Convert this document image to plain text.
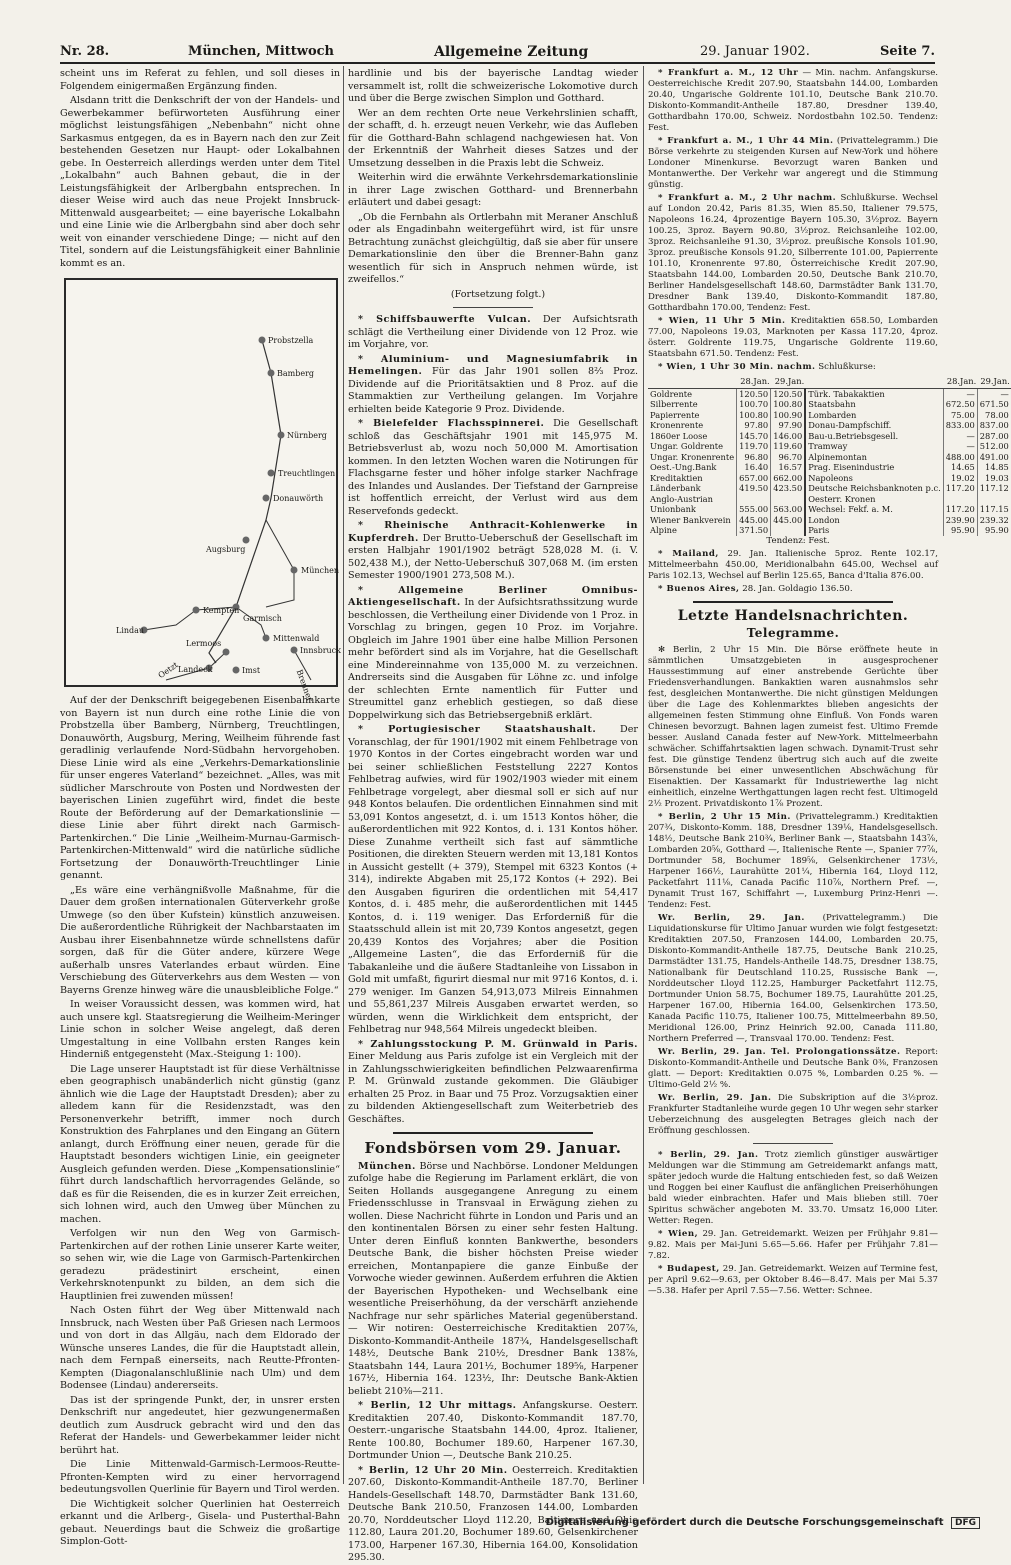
Nr. 28.	München, Mittwoch	Allgemeine Zeitung	29. Januar 1902.	Seite 7.

scheint uns im Referat zu fehlen, und soll dieses in Folgendem einigermaßen Ergänzung finden.

Alsdann tritt die Denkschrift der von der Handels- und Gewerbekammer befürworteten Ausführung einer möglichst leistungsfähigen „Nebenbahn“ nicht ohne Sarkasmus entgegen, da es in Bayern nach den zur Zeit bestehenden Gesetzen nur Haupt- oder Lokalbahnen gebe. In Oesterreich allerdings werden unter dem Titel „Lokalbahn“ auch Bahnen gebaut, die in der Leistungsfähigkeit der Arlbergbahn entsprechen. In dieser Weise wird auch das neue Projekt Innsbruck-Mittenwald ausgearbeitet; — eine bayerische Lokalbahn und eine Linie wie die Arlbergbahn sind aber doch sehr weit von einander verschiedene Dinge; — nicht auf den Titel, sondern auf die Leistungsfähigkeit einer Bahnlinie kommt es an.

Probstzella
Bamberg
Nürnberg
Treuchtlingen
Donauwörth
Augsburg
München
Kempten
Lindau
Garmisch
Mittenwald
Lermoos
Innsbruck
Landeck	Imst	Brenner
Oetzt

Auf der der Denkschrift beigegebenen Eisenbahnkarte von Bayern ist nun durch eine rothe Linie die von Probstzella über Bamberg, Nürnberg, Treuchtlingen, Donauwörth, Augsburg, Mering, Weilheim führende fast geradlinig verlaufende Nord-Südbahn hervorgehoben. Diese Linie wird als eine „Verkehrs-Demarkationslinie für unser engeres Vaterland“ bezeichnet. „Alles, was mit südlicher Marschroute von Posten und Nordwesten der bayerischen Linien zugeführt wird, findet die beste Route der Beförderung auf der Demarkationslinie — diese Linie aber führt direkt nach Garmisch-Partenkirchen.“ Die Linie „Weilheim-Murnau-Garmisch-Partenkirchen-Mittenwald“ wird die natürliche südliche Fortsetzung der Donauwörth-Treuchtlinger Linie genannt.

„Es wäre eine verhängnißvolle Maßnahme, für die Dauer dem großen internationalen Güterverkehr große Umwege (so den über Kufstein) künstlich anzuweisen. Die außerordentliche Rührigkeit der Nachbarstaaten im Ausbau ihrer Eisenbahnnetze würde schnellstens dafür sorgen, daß für die Güter andere, kürzere Wege außerhalb unsres Vaterlandes erbaut würden. Eine Verschiebung des Güterverkehrs aus dem Westen — von Bayerns Grenze hinweg wäre die unausbleibliche Folge.“

In weiser Voraussicht dessen, was kommen wird, hat auch unsere kgl. Staatsregierung die Weilheim-Meringer Linie schon in solcher Weise angelegt, daß deren Umgestaltung in eine Vollbahn ersten Ranges kein Hinderniß entgegensteht (Max.-Steigung 1: 100).

Die Lage unserer Hauptstadt ist für diese Verhältnisse eben geographisch unabänderlich nicht günstig (ganz ähnlich wie die Lage der Hauptstadt Dresden); aber zu alledem kann für die Residenzstadt, was den Personenverkehr betrifft, immer noch durch Konstruktion des Fahrplanes und den Eingang an Gütern anlangt, durch Eröffnung einer neuen, gerade für die Hauptstadt besonders wichtigen Linie, ein geeigneter Ausgleich gefunden werden. Diese „Kompensationslinie“ führt durch landschaftlich hervorragendes Gelände, so daß es für die Reisenden, die es in kurzer Zeit erreichen, sich lohnen wird, auch den Umweg über München zu machen.

Verfolgen wir nun den Weg von Garmisch-Partenkirchen auf der rothen Linie unserer Karte weiter, so sehen wir, wie die Lage von Garmisch-Partenkirchen geradezu prädestinirt erscheint, einen Verkehrsknotenpunkt zu bilden, an dem sich die Hauptlinien frei zuwenden müssen!

Nach Osten führt der Weg über Mittenwald nach Innsbruck, nach Westen über Paß Griesen nach Lermoos und von dort in das Allgäu, nach dem Eldorado der Wünsche unseres Landes, die für die Hauptstadt allein, nach dem Fernpaß einerseits, nach Reutte-Pfronten-Kempten (Diagonalanschlußlinie nach Ulm) und dem Bodensee (Lindau) andererseits.

Das ist der springende Punkt, der, in unsrer ersten Denkschrift nur angedeutet, hier gezwungenermaßen deutlich zum Ausdruck gebracht wird und den das Referat der Handels- und Gewerbekammer leider nicht berührt hat.

Die Linie Mittenwald-Garmisch-Lermoos-Reutte-Pfronten-Kempten wird zu einer hervorragend bedeutungsvollen Querlinie für Bayern und Tirol werden.

Die Wichtigkeit solcher Querlinien hat Oesterreich erkannt und die Arlberg-, Gisela- und Pusterthal-Bahn gebaut. Neuerdings baut die Schweiz die großartige Simplon-Gott-

hardlinie und bis der bayerische Landtag wieder versammelt ist, rollt die schweizerische Lokomotive durch und über die Berge zwischen Simplon und Gotthard.

Wer an dem rechten Orte neue Verkehrslinien schafft, der schafft, d. h. erzeugt neuen Verkehr, wie das Aufleben für die Gotthard-Bahn schlagend nachgewiesen hat. Von der Erkenntniß der Wahrheit dieses Satzes und der Umsetzung desselben in die Praxis lebt die Schweiz.

Weiterhin wird die erwähnte Verkehrsdemarkationslinie in ihrer Lage zwischen Gotthard- und Brennerbahn erläutert und dabei gesagt:

„Ob die Fernbahn als Ortlerbahn mit Meraner Anschluß oder als Engadinbahn weitergeführt wird, ist für unsre Betrachtung zunächst gleichgültig, daß sie aber für unsere Demarkationslinie den über die Brenner-Bahn ganz wesentlich für sich in Anspruch nehmen würde, ist zweifellos.“

(Fortsetzung folgt.)

* Schiffsbauwerfte Vulcan. Der Aufsichtsrath schlägt die Vertheilung einer Dividende von 12 Proz. wie im Vorjahre, vor.

* Aluminium- und Magnesiumfabrik in Hemelingen. Für das Jahr 1901 sollen 8⅔ Proz. Dividende auf die Prioritätsaktien und 8 Proz. auf die Stammaktien zur Vertheilung gelangen. Im Vorjahre erhielten beide Kategorie 9 Proz. Dividende.

* Bielefelder Flachsspinnerei. Die Gesellschaft schloß das Geschäftsjahr 1901 mit 145,975 M. Betriebsverlust ab, wozu noch 50,000 M. Amortisation kommen. In den letzten Wochen waren die Notirungen für Flachsgarne fester und höher infolge starker Nachfrage des Inlandes und Auslandes. Der Tiefstand der Garnpreise ist hoffentlich erreicht, der Verlust wird aus dem Reservefonds gedeckt.

* Rheinische Anthracit-Kohlenwerke in Kupferdreh. Der Brutto-Ueberschuß der Gesellschaft im ersten Halbjahr 1901/1902 beträgt 528,028 M. (i. V. 502,438 M.), der Netto-Ueberschuß 307,068 M. (im ersten Semester 1900/1901 273,508 M.).

* Allgemeine Berliner Omnibus-Aktiengesellschaft. In der Aufsichtsrathssitzung wurde beschlossen, die Vertheilung einer Dividende von 1 Proz. in Vorschlag zu bringen, gegen 10 Proz. im Vorjahre. Obgleich im Jahre 1901 über eine halbe Million Personen mehr befördert sind als im Vorjahre, hat die Gesellschaft eine Mindereinnahme von 135,000 M. zu verzeichnen. Andrerseits sind die Ausgaben für Löhne zc. und infolge der schlechten Ernte namentlich für Futter und Streumittel ganz erheblich gestiegen, so daß diese Doppelwirkung sich das Betriebsergebniß erklärt.

* Portugiesischer Staatshaushalt. Der Voranschlag, der für 1901/1902 mit einem Fehlbetrage von 1970 Kontos in der Cortes eingebracht worden war und bei seiner schließlichen Feststellung 2227 Kontos Fehlbetrag aufwies, wird für 1902/1903 wieder mit einem Fehlbetrage vorgelegt, aber diesmal soll er sich auf nur 948 Kontos belaufen. Die ordentlichen Einnahmen sind mit 53,091 Kontos angesetzt, d. i. um 1513 Kontos höher, die außerordentlichen mit 922 Kontos, d. i. 131 Kontos höher. Diese Zunahme vertheilt sich fast auf sämmtliche Positionen, die direkten Steuern werden mit 13,181 Kontos in Aussicht gestellt (+ 379), Stempel mit 6323 Kontos (+ 314), indirekte Abgaben mit 25,172 Kontos (+ 292). Bei den Ausgaben figuriren die ordentlichen mit 54,417 Kontos, d. i. 485 mehr, die außerordentlichen mit 1445 Kontos, d. i. 119 weniger. Das Erforderniß für die Staatsschuld allein ist mit 20,739 Kontos angesetzt, gegen 20,439 Kontos des Vorjahres; aber die Position „Allgemeine Lasten“, die das Erforderniß für die Tabakanleihe und die äußere Stadtanleihe von Lissabon in Gold mit umfaßt, figurirt diesmal nur mit 9716 Kontos, d. i. 279 weniger. Im Ganzen 54,913,073 Milreis Einnahmen und 55,861,237 Milreis Ausgaben erwartet werden, so würden, wenn die Wirklichkeit dem entspricht, der Fehlbetrag nur 948,564 Milreis ungedeckt bleiben.

* Zahlungsstockung P. M. Grünwald in Paris. Einer Meldung aus Paris zufolge ist ein Vergleich mit der in Zahlungsschwierigkeiten befindlichen Pelzwaarenfirma P. M. Grünwald zustande gekommen. Die Gläubiger erhalten 25 Proz. in Baar und 75 Proz. Vorzugsaktien einer zu bildenden Aktiengesellschaft zum Weiterbetrieb des Geschäftes.

Fondsbörsen vom 29. Januar.

München. Börse und Nachbörse. Londoner Meldungen zufolge habe die Regierung im Parlament erklärt, die von Seiten Hollands ausgegangene Anregung zu einem Friedensschlusse in Transvaal in Erwägung ziehen zu wollen. Diese Nachricht führte in London und Paris und an den kontinentalen Börsen zu einer sehr festen Haltung. Unter deren Einfluß konnten Bankwerthe, besonders Deutsche Bank, die bisher höchsten Preise wieder erreichen, Montanpapiere die ganze Einbuße der Vorwoche wieder gewinnen. Außerdem erfuhren die Aktien der Bayerischen Hypotheken- und Wechselbank eine wesentliche Preiserhöhung, da der verschärft anziehende Nachfrage nur sehr spärliches Material gegenüberstand. — Wir notiren: Oesterreichische Kreditaktien 207⅞, Diskonto-Kommandit-Antheile 187¾, Handelsgesellschaft 148½, Deutsche Bank 210½, Dresdner Bank 138⅞, Staatsbahn 144, Laura 201½, Bochumer 189⅝, Harpener 167½, Hibernia 164. 123½, Ihr: Deutsche Bank-Aktien beliebt 210⅜—211.

* Berlin, 12 Uhr mittags. Anfangskurse. Oesterr. Kreditaktien 207.40, Diskonto-Kommandit 187.70, Oesterr.-ungarische Staatsbahn 144.00, 4proz. Italiener, Rente 100.80, Bochumer 189.60, Harpener 167.30, Dortmunder Union —, Deutsche Bank 210.25.

* Berlin, 12 Uhr 20 Min. Oesterreich. Kreditaktien 207.60, Diskonto-Kommandit-Antheile 187.70, Berliner Handels-Gesellschaft 148.70, Darmstädter Bank 131.60, Deutsche Bank 210.50, Franzosen 144.00, Lombarden 20.70, Norddeutscher Lloyd 112.20, Baltimore und Ohio 112.80, Laura 201.20, Bochumer 189.60, Gelsenkirchener 173.00, Harpener 167.30, Hibernia 164.00, Konsolidation 295.30.

* Frankfurt a. M., 12 Uhr — Min. nachm. Anfangskurse. Oesterreichische Kredit 207.90, Staatsbahn 144.00, Lombarden 20.40, Ungarische Goldrente 101.10, Deutsche Bank 210.70. Diskonto-Kommandit-Antheile 187.80, Dresdner 139.40, Gotthardbahn 170.00, Schweiz. Nordostbahn 102.50. Tendenz: Fest.

* Frankfurt a. M., 1 Uhr 44 Min. (Privattelegramm.) Die Börse verkehrte zu steigenden Kursen auf New-York und höhere Londoner Minenkurse. Bevorzugt waren Banken und Montanwerthe. Der Verkehr war angeregt und die Stimmung günstig.

* Frankfurt a. M., 2 Uhr nachm. Schlußkurse. Wechsel auf London 20.42, Paris 81.35, Wien 85.50, Italiener 79.575, Napoleons 16.24, 4prozentige Bayern 105.30, 3½proz. Bayern 100.25, 3proz. Bayern 90.80, 3½proz. Reichsanleihe 102.00, 3proz. Reichsanleihe 91.30, 3½proz. preußische Konsols 101.90, 3proz. preußische Konsols 91.20, Silberrente 101.00, Papierrente 101.10, Kronenrente 97.80, Österreichische Kredit 207.90, Staatsbahn 144.00, Lombarden 20.50, Deutsche Bank 210.70, Berliner Handelsgesellschaft 148.60, Darmstädter Bank 131.70, Dresdner Bank 139.40, Diskonto-Kommandit 187.80, Gotthardbahn 170.00, Tendenz: Fest.

* Wien, 11 Uhr 5 Min. Kreditaktien 658.50, Lombarden 77.00, Napoleons 19.03, Marknoten per Kassa 117.20, 4proz. österr. Goldrente 119.75, Ungarische Goldrente 119.60, Staatsbahn 671.50. Tendenz: Fest.

* Wien, 1 Uhr 30 Min. nachm. Schlußkurse:

	28.Jan.	29.Jan.		28.Jan.	29.Jan.
Goldrente	120.50	120.50	Türk. Tabakaktien	—	—
Silberrente	100.70	100.80	Staatsbahn	672.50	671.50
Papierrente	100.80	100.90	Lombarden	75.00	78.00
Kronenrente	97.80	97.90	Donau-Dampfschiff.	833.00	837.00
1860er Loose	145.70	146.00	Bau-u.Betriebsgesell.	—	287.00
Ungar. Goldrente	119.70	119.60	Tramway	—	512.00
Ungar. Kronenrente	96.80	96.70	Alpinemontan	488.00	491.00
Oest.-Ung.Bank	16.40	16.57	Prag. Eisenindustrie	14.65	14.85
Kreditaktien	657.00	662.00	Napoleons	19.02	19.03
Länderbank	419.50	423.50	Deutsche Reichsbanknoten p.c.	117.20	117.12
Anglo-Austrian			Oesterr. Kronen		
Unionbank	555.00	563.00	Wechsel: Fekf. a. M.	117.20	117.15
Wiener Bankverein	445.00	445.00	London	239.90	239.32
Alpine	371.50		Paris	95.90	95.90

Tendenz: Fest.

* Mailand, 29. Jan. Italienische 5proz. Rente 102.17, Mittelmeerbahn 450.00, Meridionalbahn 645.00, Wechsel auf Paris 102.13, Wechsel auf Berlin 125.65, Banca d'Italia 876.00.

* Buenos Aires, 28. Jan. Goldagio 136.50.

Letzte Handelsnachrichten.
Telegramme.

✻ Berlin, 2 Uhr 15 Min. Die Börse eröffnete heute in sämmtlichen Umsatzgebieten in ausgesprochener Haussestimmung auf einer anstrebende Gerüchte über Friedensverhandlungen. Bankaktien waren ausnahmslos sehr fest, desgleichen Montanwerthe. Die nicht günstigen Meldungen über die Lage des Kohlenmarktes blieben angesichts der allgemeinen festen Stimmung ohne Einfluß. Von Fonds waren Chinesen bevorzugt. Bahnen lagen zumeist fest. Ultimo Fremde besser. Ausland Canada fester auf New-York. Mittelmeerbahn schwächer. Schiffahrtsaktien lagen schwach. Dynamit-Trust sehr fest. Die günstige Tendenz übertrug sich auch auf die zweite Börsenstunde bei einer unwesentlichen Abschwächung für Eisenaktien. Der Kassamarkt für Industriewerthe lag nicht einheitlich, einzelne Werthgattungen lagen recht fest. Ultimogeld 2½ Prozent. Privatdiskonto 1⅞ Prozent.

* Berlin, 2 Uhr 15 Min. (Privattelegramm.) Kreditaktien 207¾, Diskonto-Komm. 188, Dresdner 139⅛, Handelsgesellsch. 148½, Deutsche Bank 210¾, Berliner Bank —, Staatsbahn 143⅞, Lombarden 20⅝, Gotthard —, Italienische Rente —, Spanier 77⅞, Dortmunder 58, Bochumer 189⅝, Gelsenkirchener 173½, Harpener 166½, Laurahütte 201¼, Hibernia 164, Lloyd 112, Packetfahrt 111⅛, Canada Pacific 110⅞, Northern Pref. —, Dynamit Trust 167, Schiffahrt —, Luxemburg Prinz-Henri —. Tendenz: Fest.

Wr. Berlin, 29. Jan. (Privattelegramm.) Die Liquidationskurse für Ultimo Januar wurden wie folgt festgesetzt: Kreditaktien 207.50, Franzosen 144.00, Lombarden 20.75, Diskonto-Kommandit-Antheile 187.75, Deutsche Bank 210.25, Darmstädter 131.75, Handels-Antheile 148.75, Dresdner 138.75, Nationalbank für Deutschland 110.25, Russische Bank —, Norddeutscher Lloyd 112.25, Hamburger Packetfahrt 112.75, Dortmunder Union 58.75, Bochumer 189.75, Laurahütte 201.25, Harpener 167.00, Hibernia 164.00, Gelsenkirchen 173.50, Kanada Pacific 110.75, Italiener 100.75, Mittelmeerbahn 89.50, Meridional 126.00, Prinz Heinrich 92.00, Canada 111.80, Northern Preferred —, Transvaal 170.00. Tendenz: Fest.

Wr. Berlin, 29. Jan. Tel. Prolongationssätze. Report: Diskonto-Kommandit-Antheile und Deutsche Bank 0⅜, Franzosen glatt. — Deport: Kreditaktien 0.075 %, Lombarden 0.25 %. — Ultimo-Geld 2½ %.

Wr. Berlin, 29. Jan. Die Subskription auf die 3½proz. Frankfurter Stadtanleihe wurde gegen 10 Uhr wegen sehr starker Ueberzeichnung des ausgelegten Betrages gleich nach der Eröffnung geschlossen.

* Berlin, 29. Jan. Trotz ziemlich günstiger auswärtiger Meldungen war die Stimmung am Getreidemarkt anfangs matt, später jedoch wurde die Haltung entschieden fest, so daß Weizen und Roggen bei einer Kauflust die anfänglichen Preiserhöhungen bald wieder einbrachten. Hafer und Mais blieben still. 70er Spiritus schwächer angeboten M. 33.70. Umsatz 16,000 Liter. Wetter: Regen.

* Wien, 29. Jan. Getreidemarkt. Weizen per Frühjahr 9.81—9.82. Mais per Mai-Juni 5.65—5.66. Hafer per Frühjahr 7.81—7.82.

* Budapest, 29. Jan. Getreidemarkt. Weizen auf Termine fest, per April 9.62—9.63, per Oktober 8.46—8.47. Mais per Mai 5.37—5.38. Hafer per April 7.55—7.56. Wetter: Schnee.

Digitalisierung gefördert durch die Deutsche Forschungsgemeinschaft DFG
